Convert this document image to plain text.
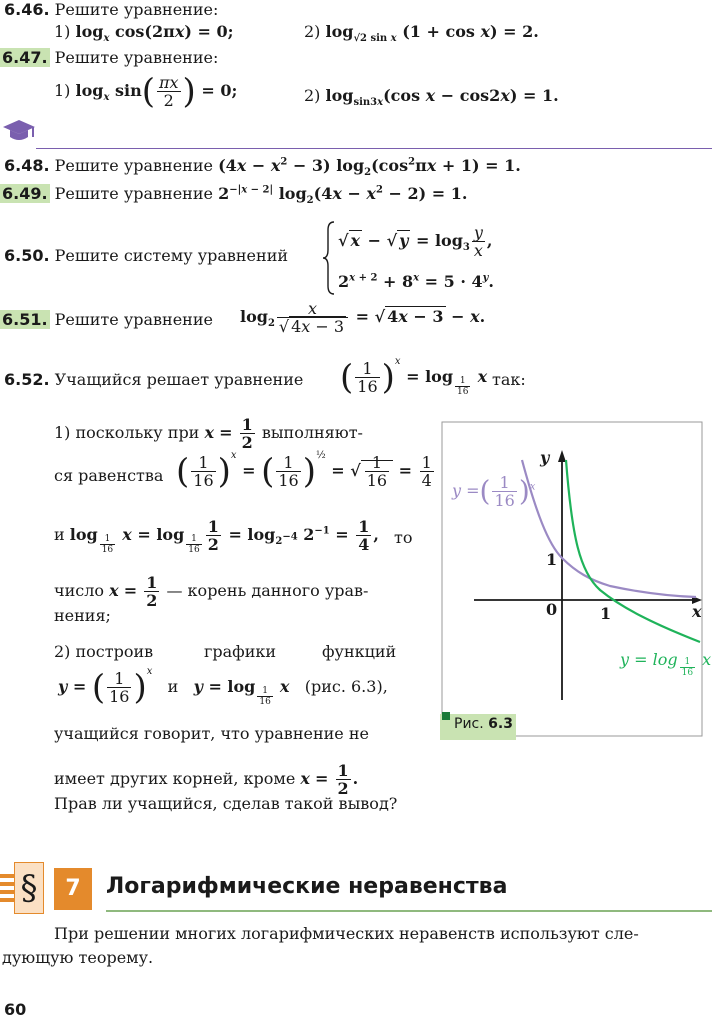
6.46. Решите уравнение:
1) $\log_x \cos(2\pi x) = 0$;	2) $\log_{√2 sin x} (1 + \cos x) = 2$.
6.47. Решите уравнение:
1) $\log_x \sin( \frac{\pi x}{2}$ ) = 0;	2) $\log_{sin3x}(\cos$ x − cos2x) = 1.
6.48. Решите уравнение $(4x - x^2 - 3)$ $\log_2(\cos^2\pi x + 1) = 1$.
6.49. Решите уравнение $2^{-|x - 2|}$ $\log_2(4x - x^2 - 2) = 1$.
6.50. Решите систему уравнений
√ x − √ $y = \log_3 \frac{y}{x}$ ,
$2^{x + 2} + 8^x = 5 \cdot 4^y$.
6.51. Решите уравнение $\log_2 \frac{x}{√ 4x - 3}$ = √ 4x − 3 − x.
6.52. Учащийся решает уравнение ( $\frac{1}{16} )^x = \log \frac{1}{16}$ x так:
1) поскольку при $x = \frac{1}{2}$ выполняют-
ся равенства ( $\frac{1}{16} )^x$ = ( $\frac{1}{16} )^{\frac{1}{2}}$ = √ $\frac{1}{16} = \frac{1}{4}$
и $\log \frac{1}{16}$ $x = \log \frac{1}{16} \frac{1}{2} = \log_{2^{-4}} 2^{-1} = \frac{1}{4}$ , то
число $x = \frac{1}{2}$ — корень данного урав-
нения;
2) построив	графики	функций
y = ( $\frac{1}{16} )^x$   и $y = \log \frac{1}{16}$ x (рис. 6.3),
учащийся говорит, что уравнение не
имеет других корней, кроме $x = \frac{1}{2}$ .
Прав ли учащийся, сделав такой вывод?
y
x
0	1
1
y =( $\frac{1}{16} )^x$
$y = \log \frac{1}{16}$ x
Рис. 6.3
§	7	Логарифмические неравенства
При решении многих логарифмических неравенств используют сле-
дующую теорему.
60
